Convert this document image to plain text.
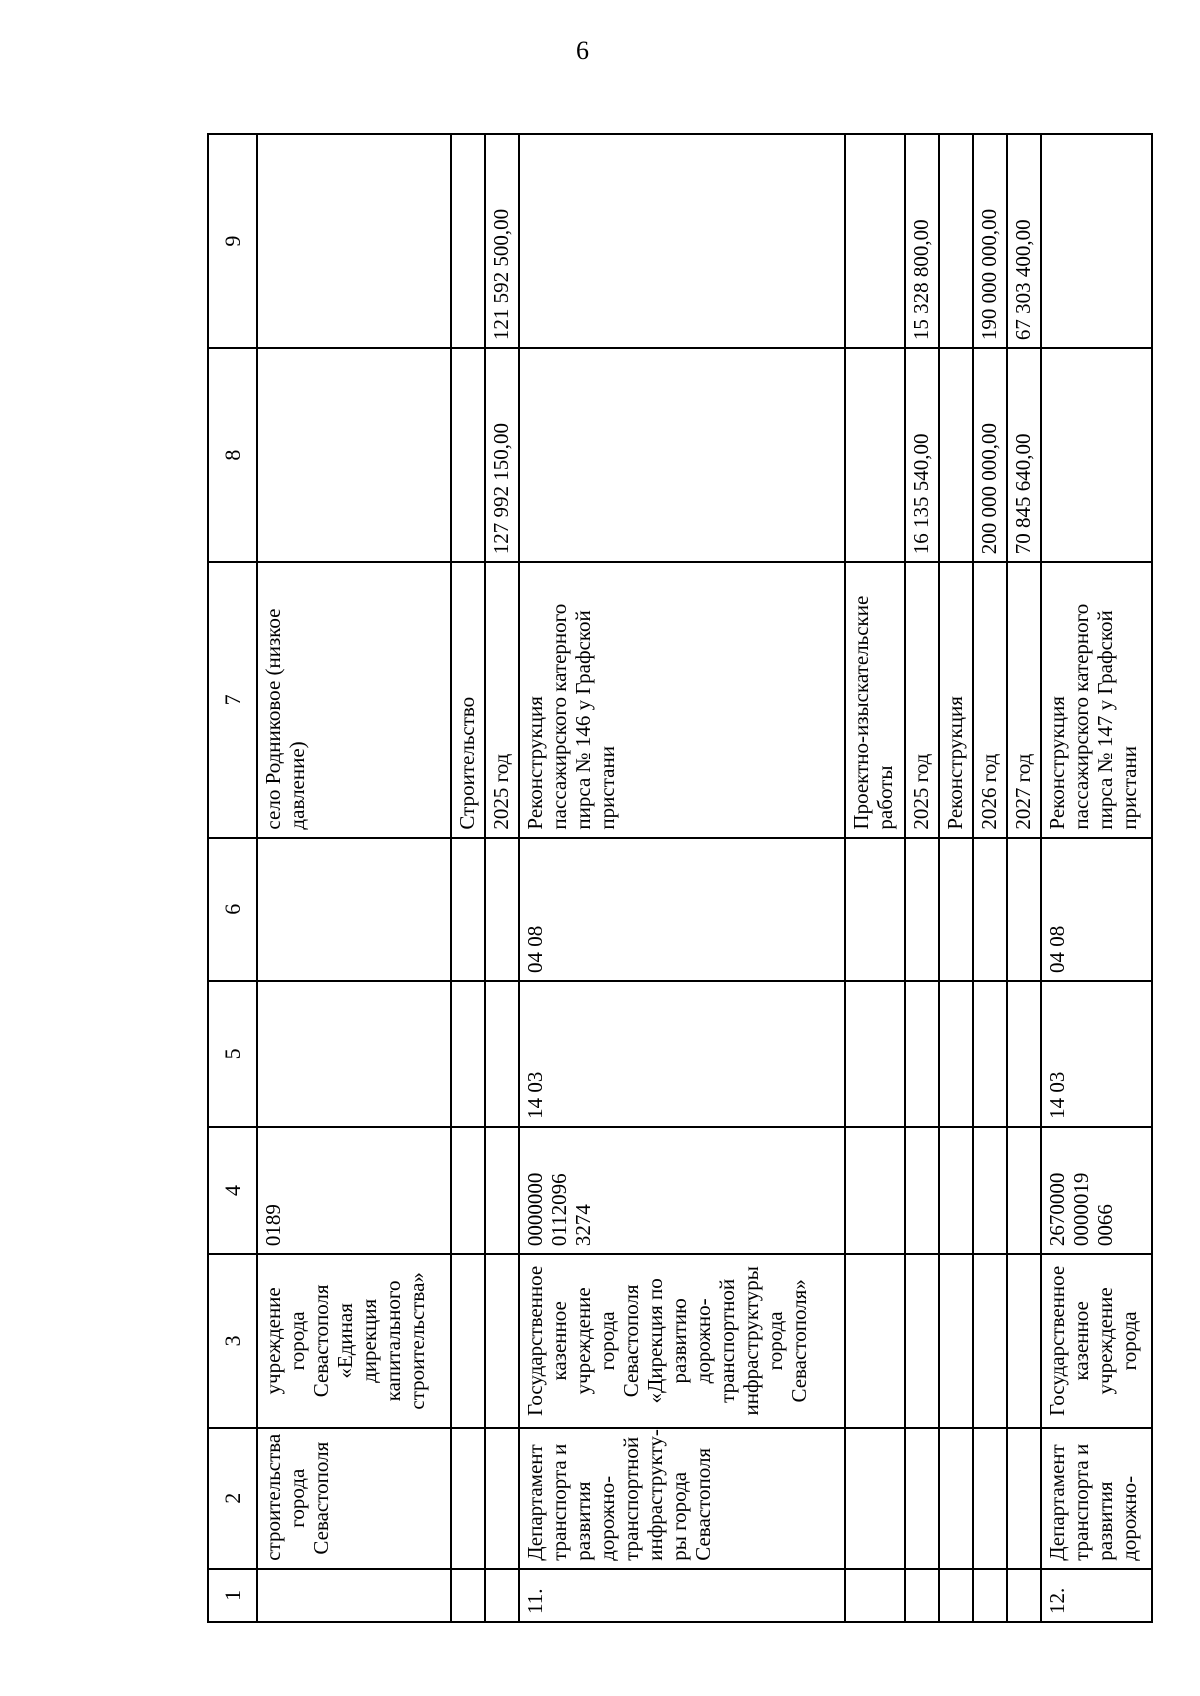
6
1	2	3	4	5	6	7	8	9
	строительства города Севастополя	учреждение города Севастополя «Единая дирекция капитального строительства»	0189			село Родниковое (низкое давление)		
						Строительство		
						2025 год	127 992 150,00	121 592 500,00
11.	Департамент транспорта и развития дорожно-транспортной инфраструкту-ры города Севастополя	Государственное казенное учреждение города Севастополя «Дирекция по развитию дорожно-транспортной инфраструктуры города Севастополя»	0000000 0112096 3274	14 03	04 08	Реконструкция пассажирского катерного пирса № 146 у Графской пристани		
						Проектно-изыскательские работы		
						2025 год	16 135 540,00	15 328 800,00
						Реконструкция		
						2026 год	200 000 000,00	190 000 000,00
						2027 год	70 845 640,00	67 303 400,00
12.	Департамент транспорта и развития дорожно-	Государственное казенное учреждение города	2670000 0000019 0066	14 03	04 08	Реконструкция пассажирского катерного пирса № 147 у Графской пристани		
